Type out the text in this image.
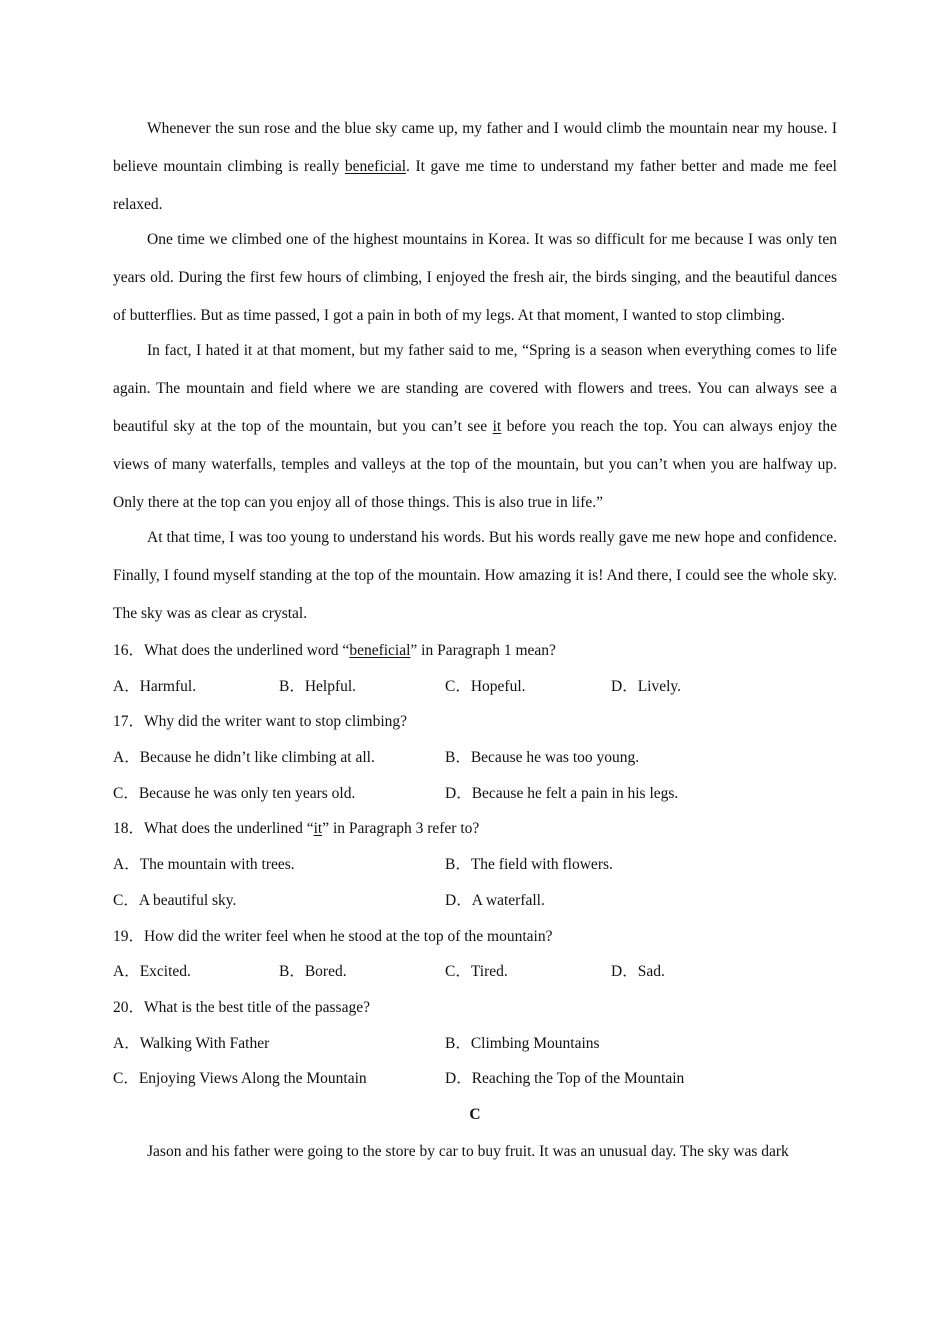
Whenever the sun rose and the blue sky came up, my father and I would climb the mountain near my house. I believe mountain climbing is really beneficial. It gave me time to understand my father better and made me feel relaxed.

One time we climbed one of the highest mountains in Korea. It was so difficult for me because I was only ten years old. During the first few hours of climbing, I enjoyed the fresh air, the birds singing, and the beautiful dances of butterflies. But as time passed, I got a pain in both of my legs. At that moment, I wanted to stop climbing.

In fact, I hated it at that moment, but my father said to me, “Spring is a season when everything comes to life again. The mountain and field where we are standing are covered with flowers and trees. You can always see a beautiful sky at the top of the mountain, but you can’t see it before you reach the top. You can always enjoy the views of many waterfalls, temples and valleys at the top of the mountain, but you can’t when you are halfway up. Only there at the top can you enjoy all of those things. This is also true in life.”

At that time, I was too young to understand his words. But his words really gave me new hope and confidence. Finally, I found myself standing at the top of the mountain. How amazing it is! And there, I could see the whole sky. The sky was as clear as crystal.

16．What does the underlined word “beneficial” in Paragraph 1 mean?
A．Harmful.	B．Helpful.	C．Hopeful.	D．Lively.
17．Why did the writer want to stop climbing?
A．Because he didn’t like climbing at all.	B．Because he was too young.
C．Because he was only ten years old.	D．Because he felt a pain in his legs.
18．What does the underlined “it” in Paragraph 3 refer to?
A．The mountain with trees.	B．The field with flowers.
C．A beautiful sky.	D．A waterfall.
19．How did the writer feel when he stood at the top of the mountain?
A．Excited.	B．Bored.	C．Tired.	D．Sad.
20．What is the best title of the passage?
A．Walking With Father	B．Climbing Mountains
C．Enjoying Views Along the Mountain	D．Reaching the Top of the Mountain
C

Jason and his father were going to the store by car to buy fruit. It was an unusual day. The sky was dark
